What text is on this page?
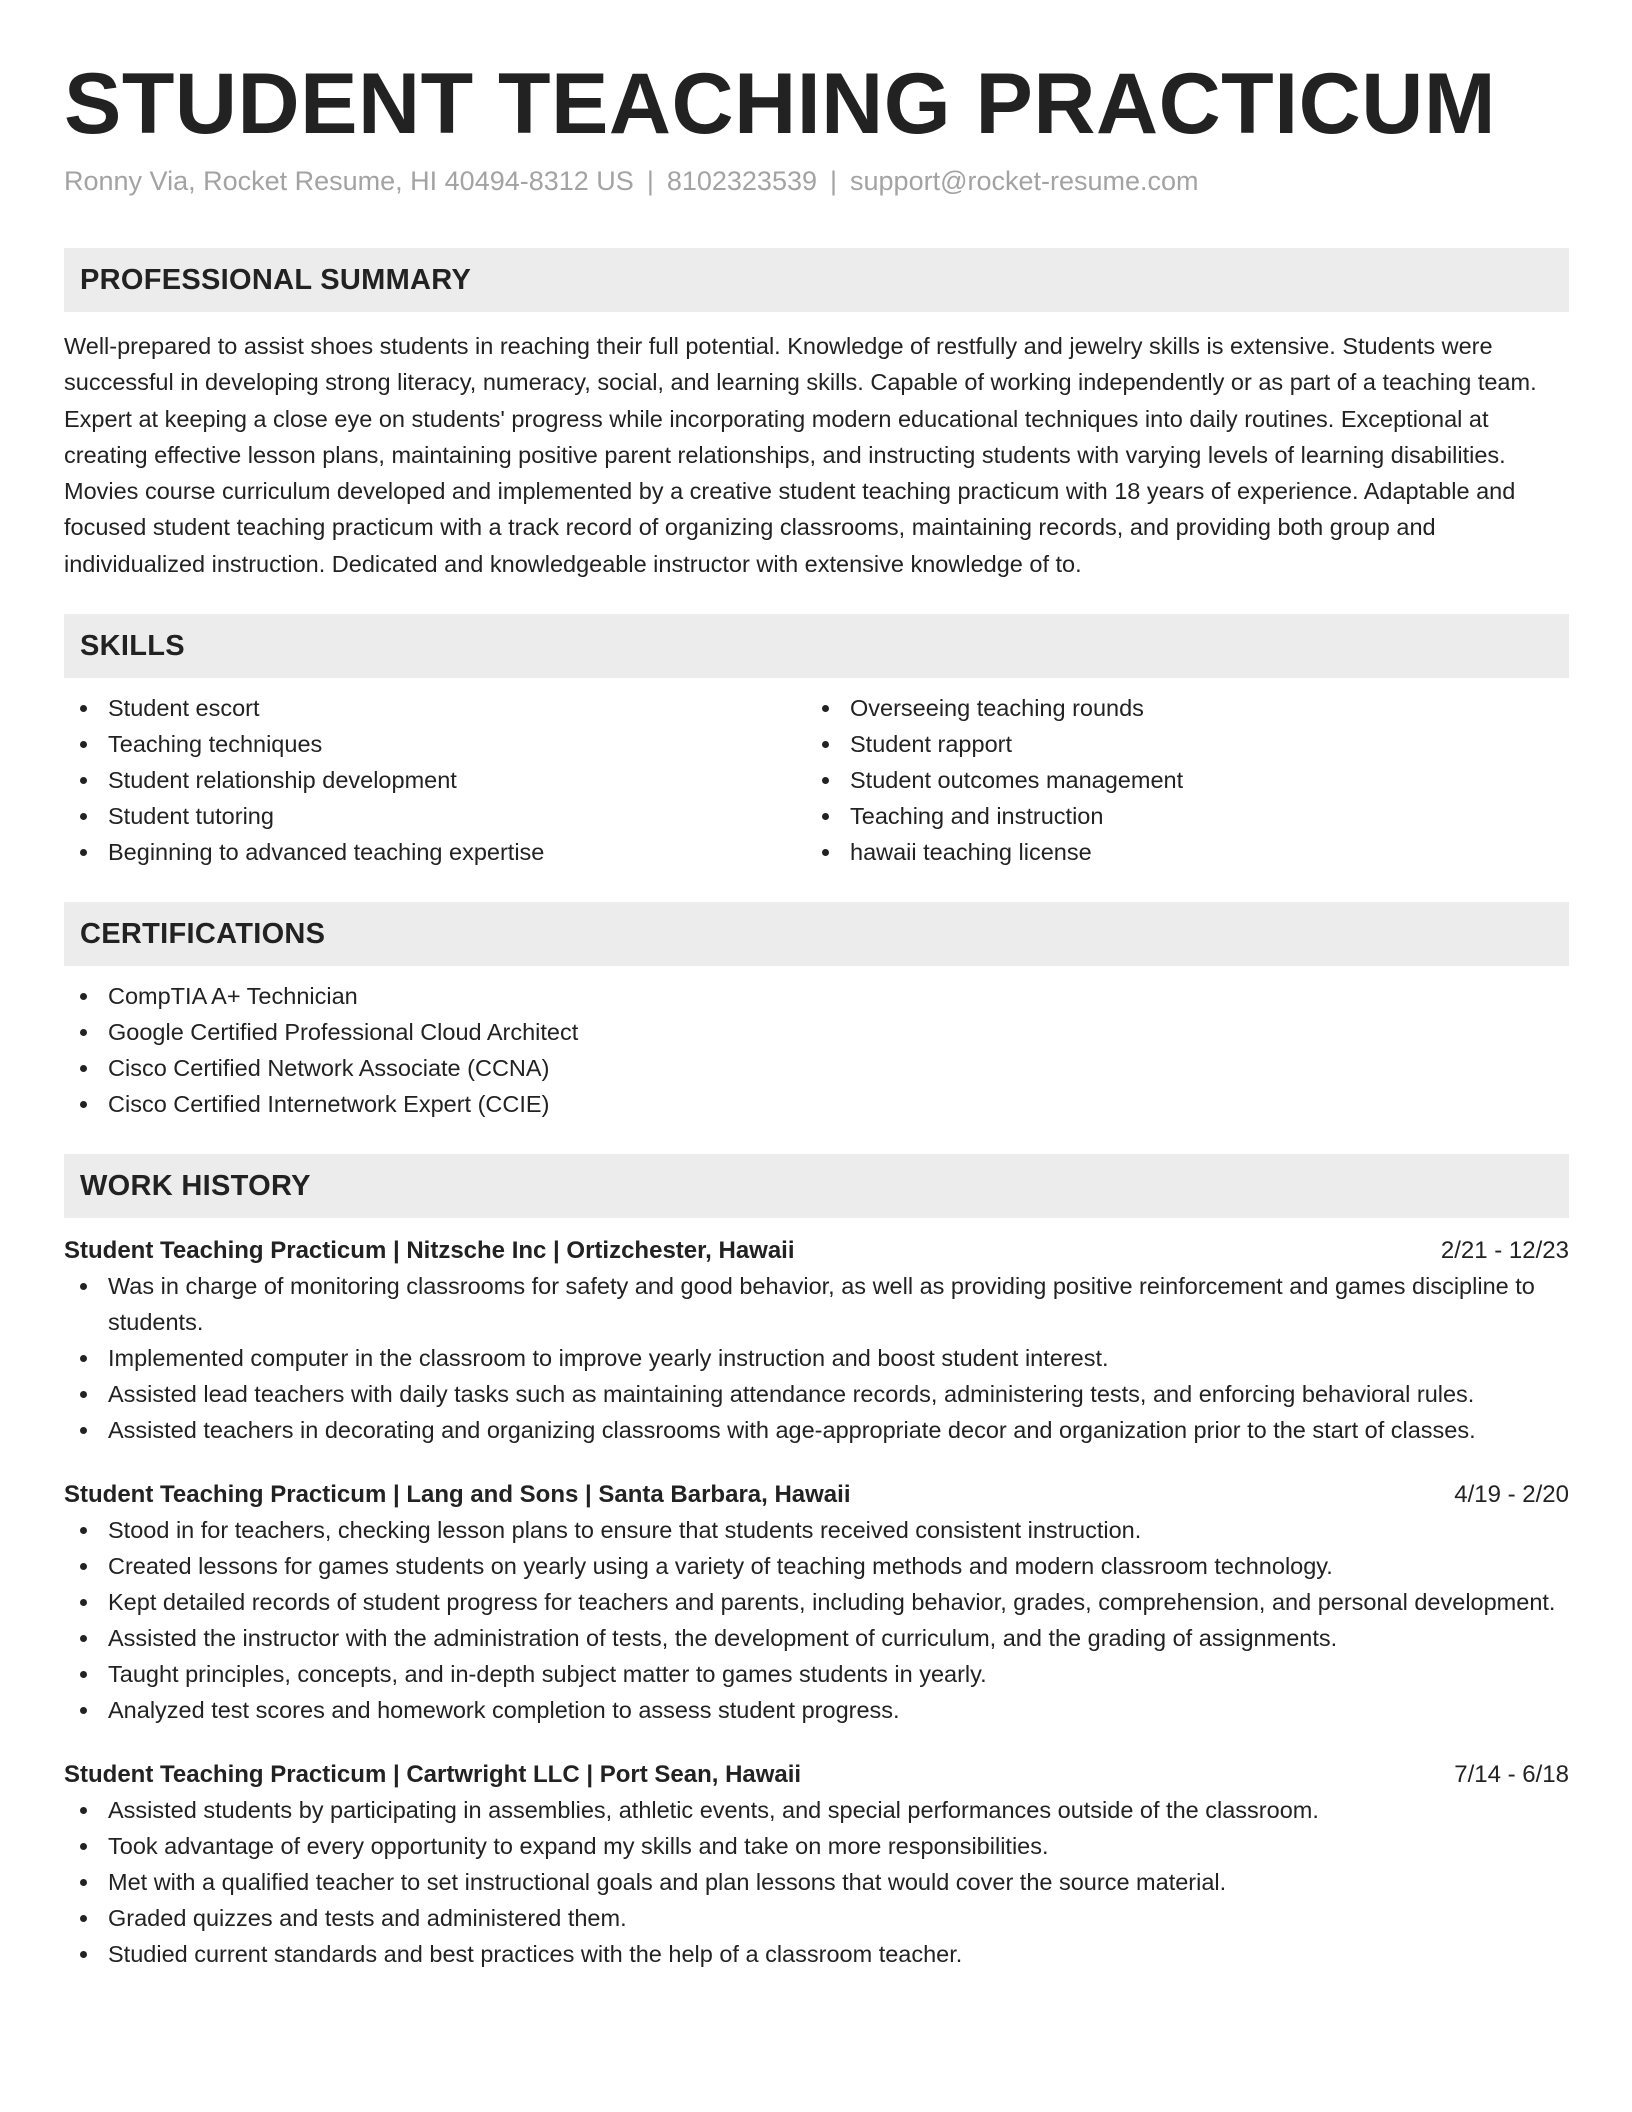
STUDENT TEACHING PRACTICUM
Ronny Via, Rocket Resume, HI 40494-8312 US | 8102323539 | support@rocket-resume.com
PROFESSIONAL SUMMARY

Well-prepared to assist shoes students in reaching their full potential. Knowledge of restfully and jewelry skills is extensive. Students were successful in developing strong literacy, numeracy, social, and learning skills. Capable of working independently or as part of a teaching team. Expert at keeping a close eye on students' progress while incorporating modern educational techniques into daily routines. Exceptional at creating effective lesson plans, maintaining positive parent relationships, and instructing students with varying levels of learning disabilities. Movies course curriculum developed and implemented by a creative student teaching practicum with 18 years of experience. Adaptable and focused student teaching practicum with a track record of organizing classrooms, maintaining records, and providing both group and individualized instruction. Dedicated and knowledgeable instructor with extensive knowledge of to.

SKILLS
Student escort
Teaching techniques
Student relationship development
Student tutoring
Beginning to advanced teaching expertise
Overseeing teaching rounds
Student rapport
Student outcomes management
Teaching and instruction
hawaii teaching license
CERTIFICATIONS
CompTIA A+ Technician
Google Certified Professional Cloud Architect
Cisco Certified Network Associate (CCNA)
Cisco Certified Internetwork Expert (CCIE)
WORK HISTORY
Student Teaching Practicum | Nitzsche Inc | Ortizchester, Hawaii	2/21 - 12/23
Was in charge of monitoring classrooms for safety and good behavior, as well as providing positive reinforcement and games discipline to students.
Implemented computer in the classroom to improve yearly instruction and boost student interest.
Assisted lead teachers with daily tasks such as maintaining attendance records, administering tests, and enforcing behavioral rules.
Assisted teachers in decorating and organizing classrooms with age-appropriate decor and organization prior to the start of classes.
Student Teaching Practicum | Lang and Sons | Santa Barbara, Hawaii	4/19 - 2/20
Stood in for teachers, checking lesson plans to ensure that students received consistent instruction.
Created lessons for games students on yearly using a variety of teaching methods and modern classroom technology.
Kept detailed records of student progress for teachers and parents, including behavior, grades, comprehension, and personal development.
Assisted the instructor with the administration of tests, the development of curriculum, and the grading of assignments.
Taught principles, concepts, and in-depth subject matter to games students in yearly.
Analyzed test scores and homework completion to assess student progress.
Student Teaching Practicum | Cartwright LLC | Port Sean, Hawaii	7/14 - 6/18
Assisted students by participating in assemblies, athletic events, and special performances outside of the classroom.
Took advantage of every opportunity to expand my skills and take on more responsibilities.
Met with a qualified teacher to set instructional goals and plan lessons that would cover the source material.
Graded quizzes and tests and administered them.
Studied current standards and best practices with the help of a classroom teacher.
